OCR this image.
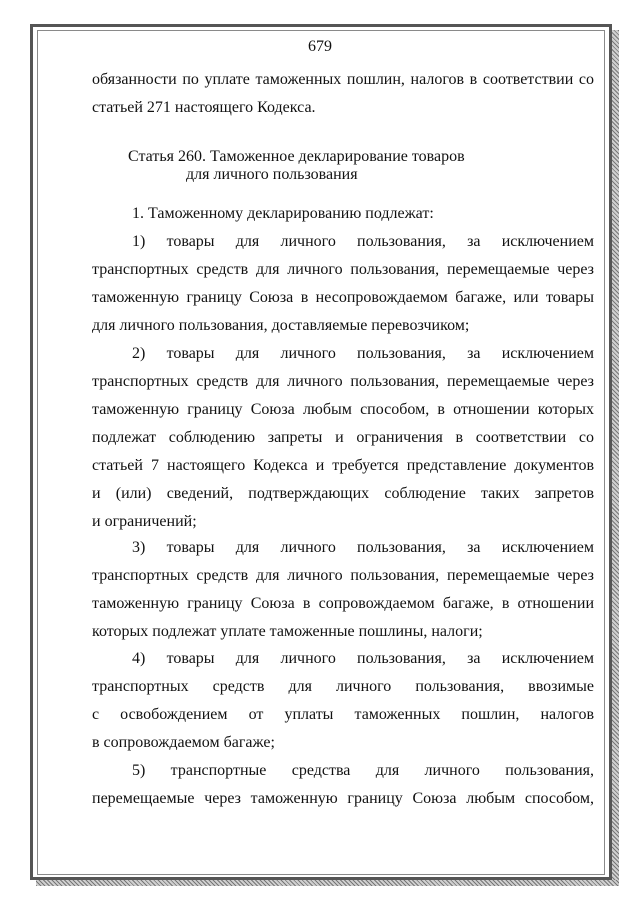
679
обязанности по уплате таможенных пошлин, налогов в соответствии со
статьей 271 настоящего Кодекса.
Статья 260. Таможенное декларирование товаров
для личного пользования
1. Таможенному декларированию подлежат:
1) товары для личного пользования, за исключением
транспортных средств для личного пользования, перемещаемые через
таможенную границу Союза в несопровождаемом багаже, или товары
для личного пользования, доставляемые перевозчиком;
2) товары для личного пользования, за исключением
транспортных средств для личного пользования, перемещаемые через
таможенную границу Союза любым способом, в отношении которых
подлежат соблюдению запреты и ограничения в соответствии со
статьей 7 настоящего Кодекса и требуется представление документов
и (или) сведений, подтверждающих соблюдение таких запретов
и ограничений;
3) товары для личного пользования, за исключением
транспортных средств для личного пользования, перемещаемые через
таможенную границу Союза в сопровождаемом багаже, в отношении
которых подлежат уплате таможенные пошлины, налоги;
4) товары для личного пользования, за исключением
транспортных средств для личного пользования, ввозимые
с освобождением от уплаты таможенных пошлин, налогов
в сопровождаемом багаже;
5) транспортные средства для личного пользования,
перемещаемые через таможенную границу Союза любым способом,
